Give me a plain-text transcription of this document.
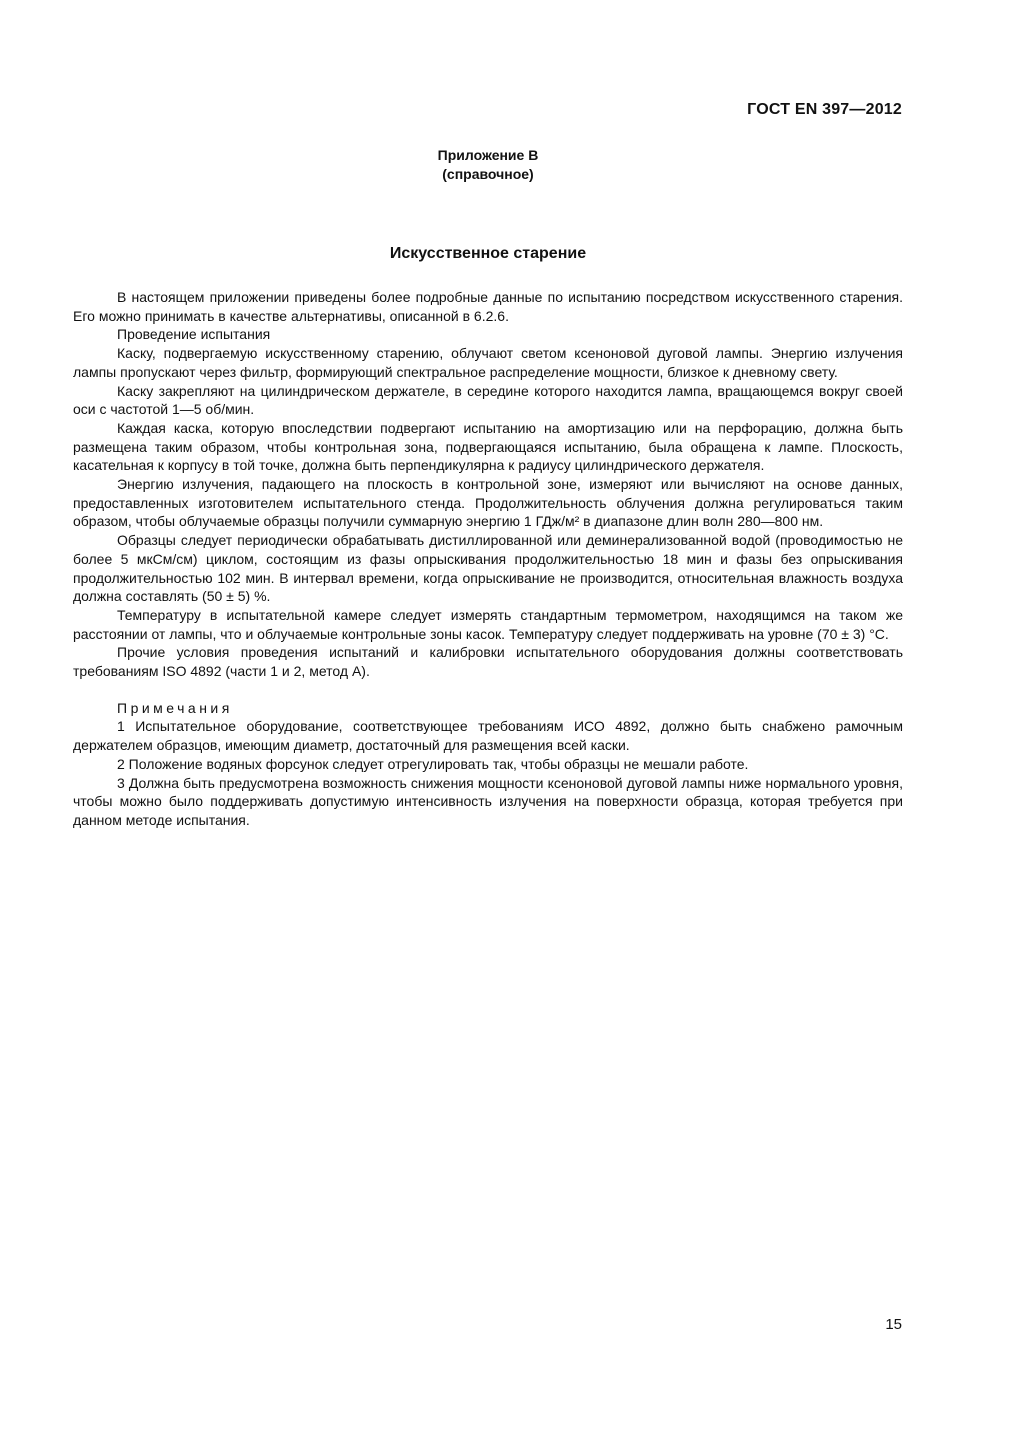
ГОСТ EN 397—2012
Приложение В
(справочное)
Искусственное старение

В настоящем приложении приведены более подробные данные по испытанию посредством искусственного старения. Его можно принимать в качестве альтернативы, описанной в 6.2.6.

Проведение испытания

Каску, подвергаемую искусственному старению, облучают светом ксеноновой дуговой лампы. Энергию излучения лампы пропускают через фильтр, формирующий спектральное распределение мощности, близкое к дневному свету.

Каску закрепляют на цилиндрическом держателе, в середине которого находится лампа, вращающемся вокруг своей оси с частотой 1—5 об/мин.

Каждая каска, которую впоследствии подвергают испытанию на амортизацию или на перфорацию, должна быть размещена таким образом, чтобы контрольная зона, подвергающаяся испытанию, была обращена к лампе. Плоскость, касательная к корпусу в той точке, должна быть перпендикулярна к радиусу цилиндрического держателя.

Энергию излучения, падающего на плоскость в контрольной зоне, измеряют или вычисляют на основе данных, предоставленных изготовителем испытательного стенда. Продолжительность облучения должна регулироваться таким образом, чтобы облучаемые образцы получили суммарную энергию 1 ГДж/м² в диапазоне длин волн 280—800 нм.

Образцы следует периодически обрабатывать дистиллированной или деминерализованной водой (проводимостью не более 5 мкСм/см) циклом, состоящим из фазы опрыскивания продолжительностью 18 мин и фазы без опрыскивания продолжительностью 102 мин. В интервал времени, когда опрыскивание не производится, относительная влажность воздуха должна составлять (50 ± 5) %.

Температуру в испытательной камере следует измерять стандартным термометром, находящимся на таком же расстоянии от лампы, что и облучаемые контрольные зоны касок. Температуру следует поддерживать на уровне (70 ± 3) °С.

Прочие условия проведения испытаний и калибровки испытательного оборудования должны соответствовать требованиям ISO 4892 (части 1 и 2, метод А).

Примечания

1 Испытательное оборудование, соответствующее требованиям ИСО 4892, должно быть снабжено рамочным держателем образцов, имеющим диаметр, достаточный для размещения всей каски.

2 Положение водяных форсунок следует отрегулировать так, чтобы образцы не мешали работе.

3 Должна быть предусмотрена возможность снижения мощности ксеноновой дуговой лампы ниже нормального уровня, чтобы можно было поддерживать допустимую интенсивность излучения на поверхности образца, которая требуется при данном методе испытания.

15
